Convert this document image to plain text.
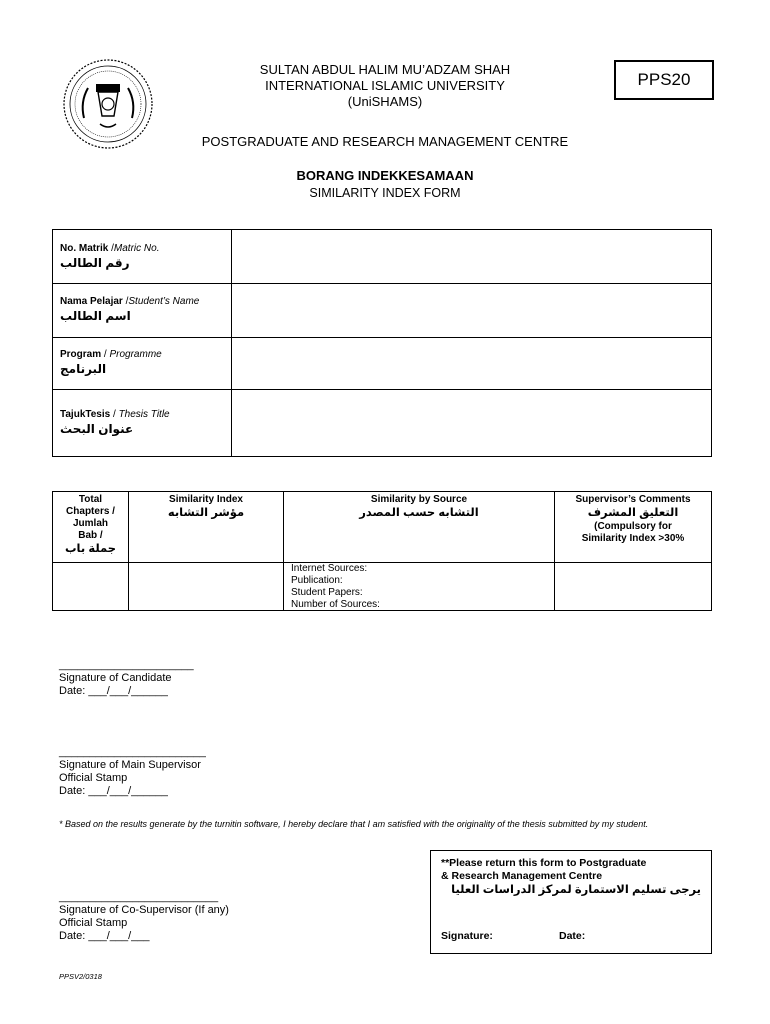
SULTAN ABDUL HALIM MU’ADZAM SHAH
INTERNATIONAL ISLAMIC UNIVERSITY
(UniSHAMS)
PPS20
POSTGRADUATE AND RESEARCH MANAGEMENT CENTRE
BORANG INDEKKESAMAAN
SIMILARITY INDEX FORM
No. Matrik /Matric No.
رقم الطالب
Nama Pelajar /Student’s Name
اسم الطالب
Program / Programme
البرنامج
TajukTesis / Thesis Title
عنوان البحث
Total
Chapters /
Jumlah
Bab /
جملة باب
Similarity Index
مؤشر التشابه
Similarity by Source
التشابه حسب المصدر
Internet Sources:
Publication:
Student Papers:
Number of Sources:
Supervisor’s Comments
التعليق المشرف
(Compulsory for
Similarity Index >30%
______________________
Signature of Candidate
Date: ___/___/______
________________________
Signature of Main Supervisor
Official Stamp
Date: ___/___/______
* Based on the results generate by the turnitin software, I hereby declare that I am satisfied with the originality of the thesis submitted by my student.
__________________________
Signature of Co-Supervisor (If any)
Official Stamp
Date: ___/___/___
**Please return this form to Postgraduate
& Research Management Centre
يرجى تسليم الاستمارة لمركز الدراسات العليا
Signature:	Date:
PPSV2/0318
